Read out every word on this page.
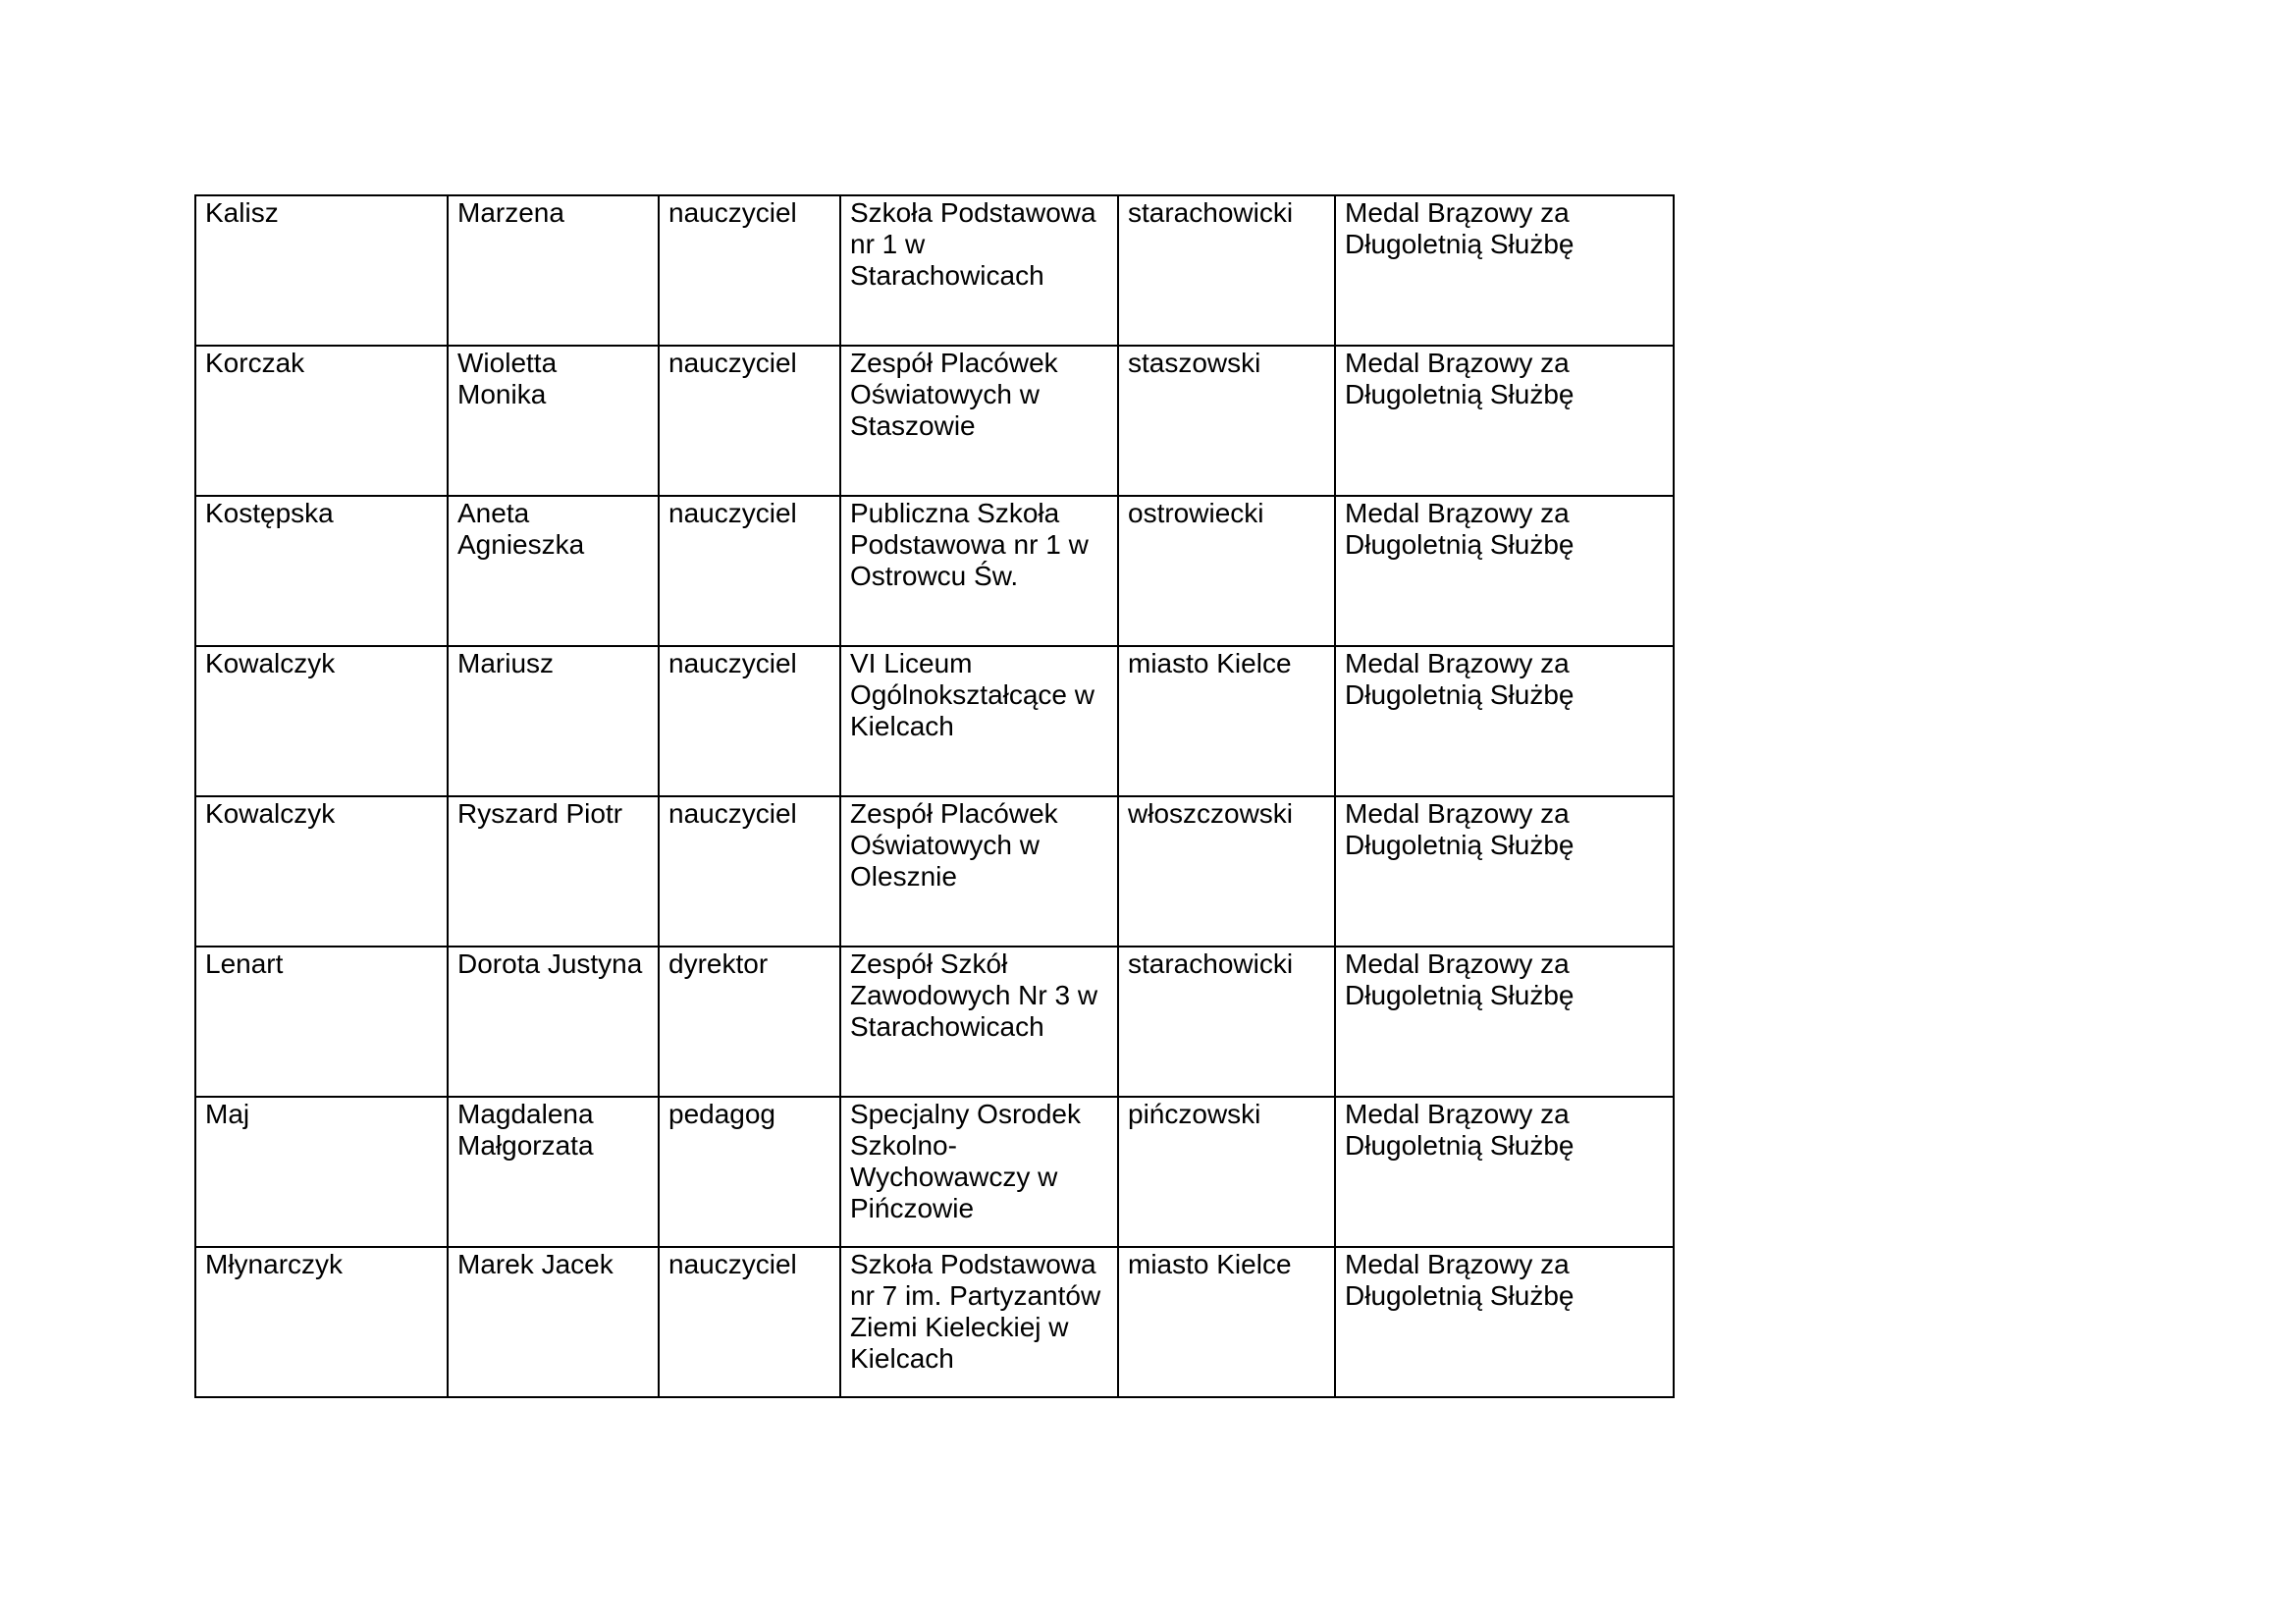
Kalisz	Marzena	nauczyciel	Szkoła Podstawowa
nr 1 w
Starachowicach	starachowicki	Medal Brązowy za
Długoletnią Służbę

Korczak	Wioletta
Monika	nauczyciel	Zespół Placówek
Oświatowych w
Staszowie	staszowski	Medal Brązowy za
Długoletnią Służbę

Kostępska	Aneta
Agnieszka	nauczyciel	Publiczna Szkoła
Podstawowa nr 1 w
Ostrowcu Św.	ostrowiecki	Medal Brązowy za
Długoletnią Służbę

Kowalczyk	Mariusz	nauczyciel	VI Liceum
Ogólnokształcące w
Kielcach	miasto Kielce	Medal Brązowy za
Długoletnią Służbę

Kowalczyk	Ryszard Piotr	nauczyciel	Zespół Placówek
Oświatowych w
Olesznie	włoszczowski	Medal Brązowy za
Długoletnią Służbę

Lenart	Dorota Justyna	dyrektor	Zespół Szkół
Zawodowych Nr 3 w
Starachowicach	starachowicki	Medal Brązowy za
Długoletnią Służbę

Maj	Magdalena
Małgorzata	pedagog	Specjalny Osrodek
Szkolno-
Wychowawczy w
Pińczowie	pińczowski	Medal Brązowy za
Długoletnią Służbę

Młynarczyk	Marek Jacek	nauczyciel	Szkoła Podstawowa
nr 7 im. Partyzantów
Ziemi Kieleckiej w
Kielcach	miasto Kielce	Medal Brązowy za
Długoletnią Służbę
